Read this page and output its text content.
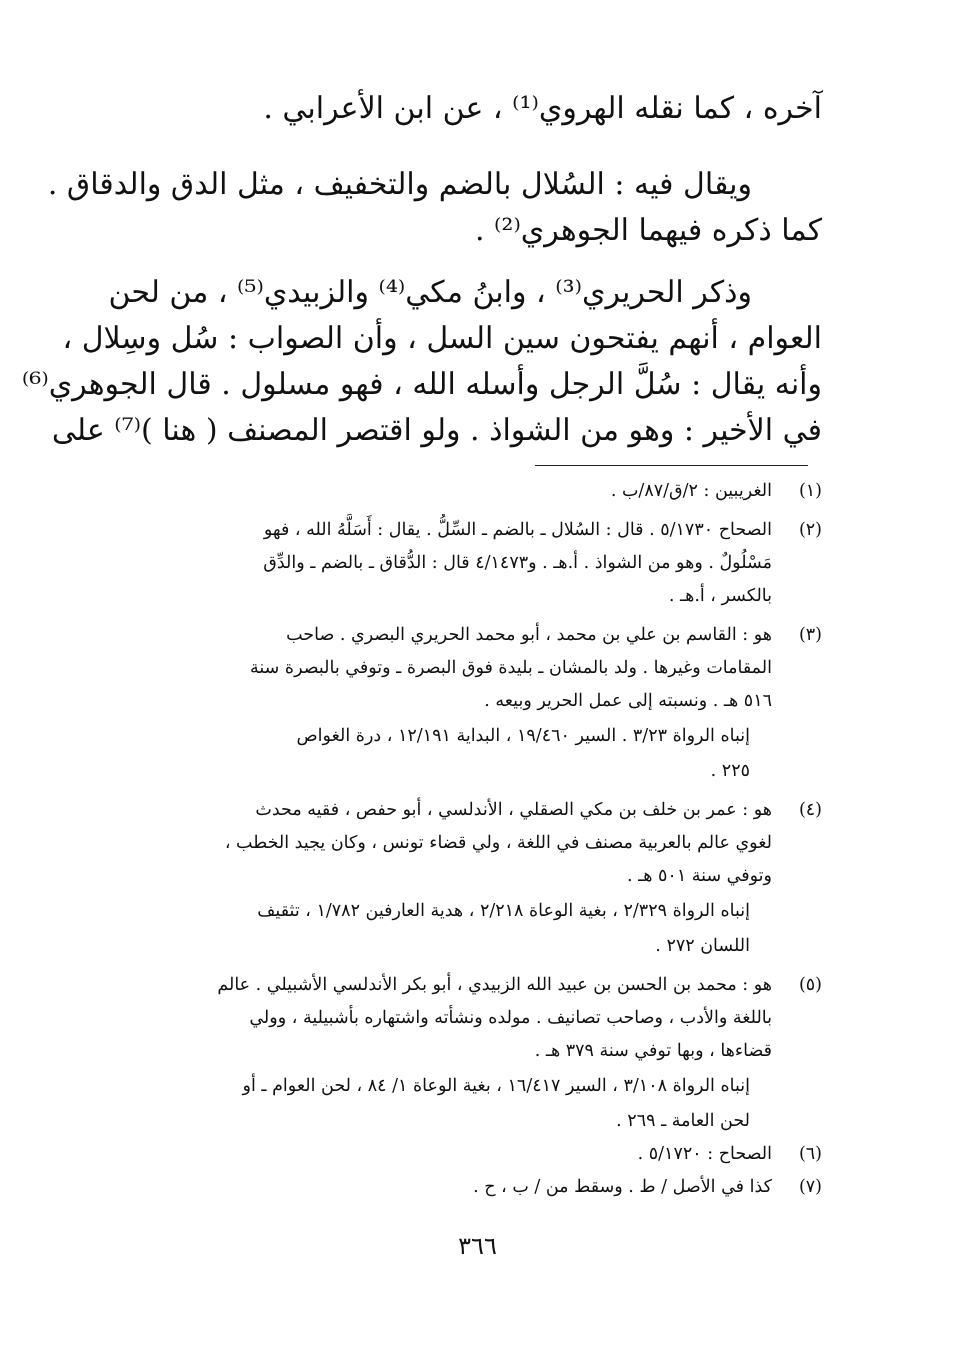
آخره ، كما نقله الهروي⁽¹⁾ ، عن ابن الأعرابي .
ويقال فيه : السُلال بالضم والتخفيف ، مثل الدق والدقاق .
كما ذكره فيهما الجوهري⁽²⁾ .
وذكر الحريري⁽³⁾ ، وابنُ مكي⁽⁴⁾ والزبيدي⁽⁵⁾ ، من لحن
العوام ، أنهم يفتحون سين السل ، وأن الصواب : سُل وسِلال ،
وأنه يقال : سُلَّ الرجل وأسله الله ، فهو مسلول . قال الجوهري⁽⁶⁾
في الأخير : وهو من الشواذ . ولو اقتصر المصنف ( هنا )⁽⁷⁾ على
(١)
الغريبين : ٢/ق/٨٧/ب .
(٢)
الصحاح ٥/١٧٣٠ . قال : السُلال ـ بالضم ـ السِّلُّ . يقال : أَسَلَّهُ الله ، فهو
مَسْلُولٌ . وهو من الشواذ . أ.هـ . و٤/١٤٧٣ قال : الدُّقاق ـ بالضم ـ والدِّق
بالكسر ، أ.هـ .
(٣)
هو : القاسم بن علي بن محمد ، أبو محمد الحريري البصري . صاحب
المقامات وغيرها . ولد بالمشان ـ بليدة فوق البصرة ـ وتوفي بالبصرة سنة
٥١٦ هـ . ونسبته إلى عمل الحرير وبيعه .
إنباه الرواة ٣/٢٣ . السير ١٩/٤٦٠ ، البداية ١٢/١٩١ ، درة الغواص
٢٢٥ .
(٤)
هو : عمر بن خلف بن مكي الصقلي ، الأندلسي ، أبو حفص ، فقيه محدث
لغوي عالم بالعربية مصنف في اللغة ، ولي قضاء تونس ، وكان يجيد الخطب ،
وتوفي سنة ٥٠١ هـ .
إنباه الرواة ٢/٣٢٩ ، بغية الوعاة ٢/٢١٨ ، هدية العارفين ١/٧٨٢ ، تثقيف
اللسان ٢٧٢ .
(٥)
هو : محمد بن الحسن بن عبيد الله الزبيدي ، أبو بكر الأندلسي الأشبيلي . عالم
باللغة والأدب ، وصاحب تصانيف . مولده ونشأته واشتهاره بأشبيلية ، وولي
قضاءها ، وبها توفي سنة ٣٧٩ هـ .
إنباه الرواة ٣/١٠٨ ، السير ١٦/٤١٧ ، بغية الوعاة ١/ ٨٤ ، لحن العوام ـ أو
لحن العامة ـ ٢٦٩ .
(٦)
الصحاح : ٥/١٧٢٠ .
(٧)
كذا في الأصل / ط . وسقط من / ب ، ح .
٣٦٦
